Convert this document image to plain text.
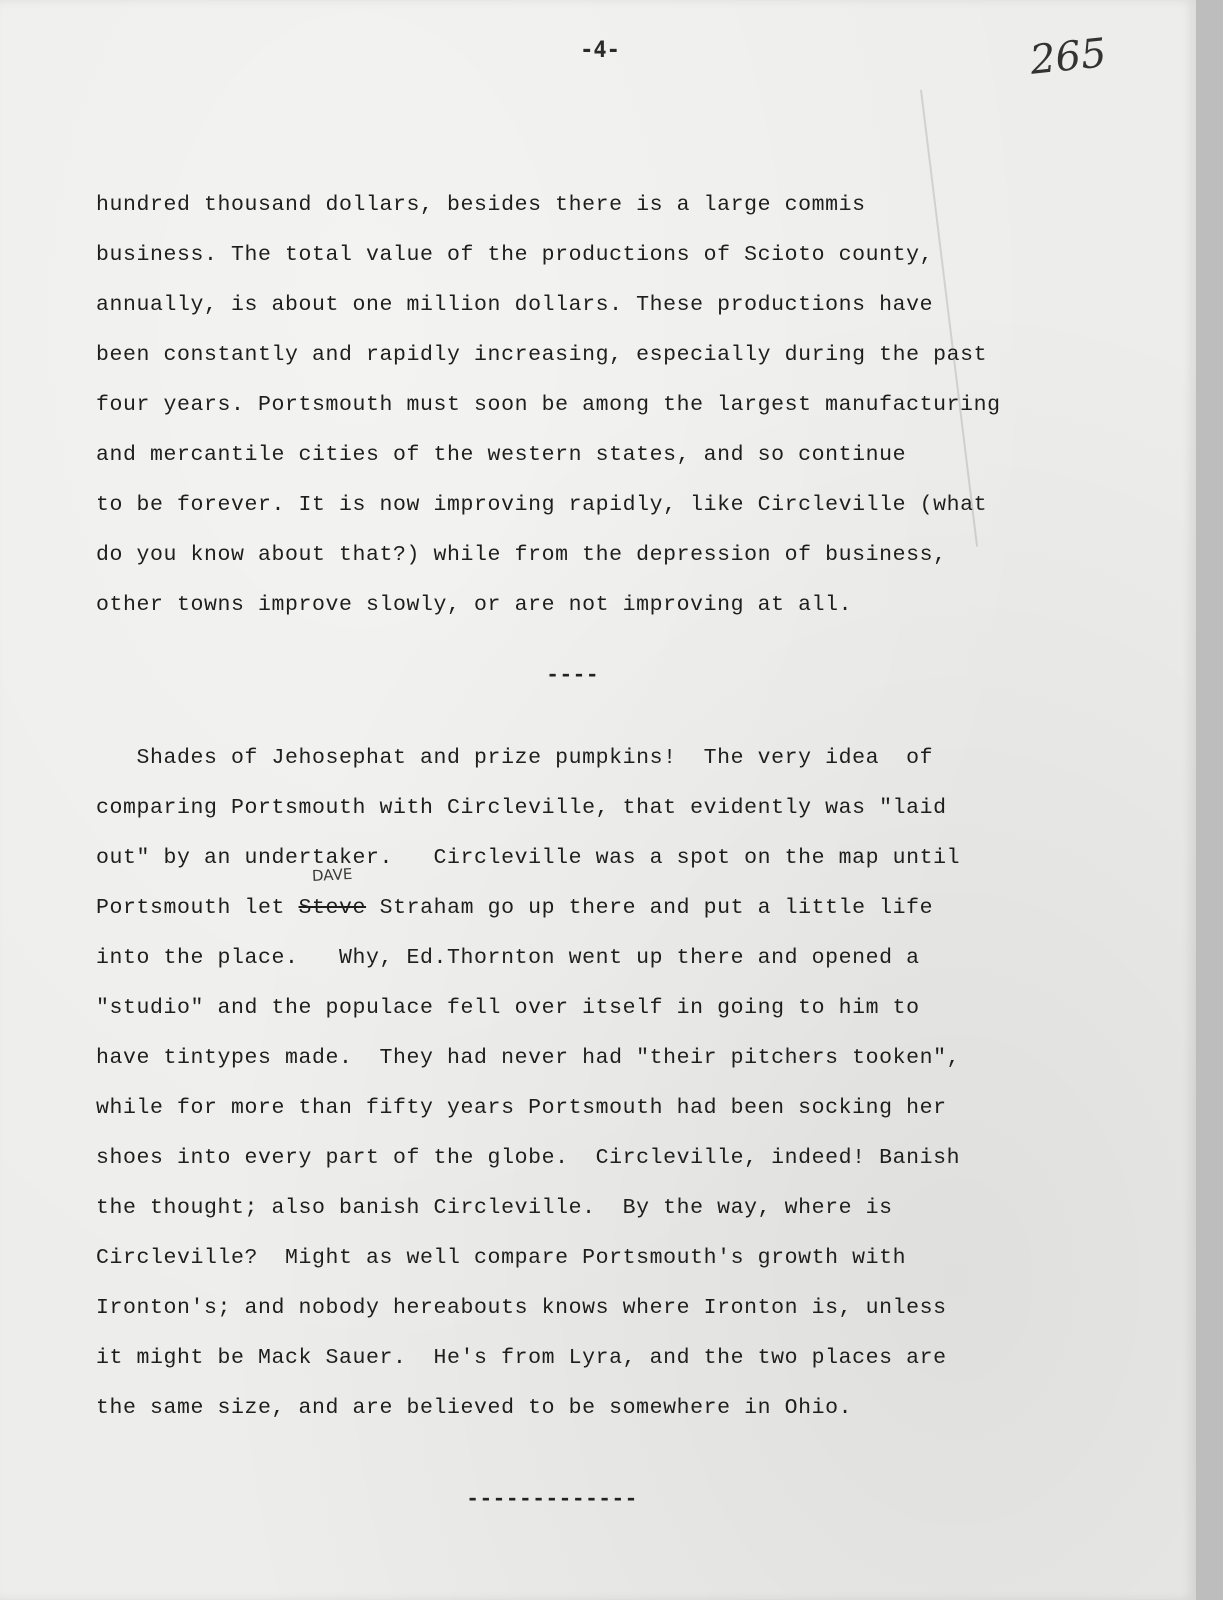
-4-	265
hundred thousand dollars, besides there is a large commis
business. The total value of the productions of Scioto county,
annually, is about one million dollars. These productions have
been constantly and rapidly increasing, especially during the past
four years. Portsmouth must soon be among the largest manufacturing
and mercantile cities of the western states, and so continue
to be forever. It is now improving rapidly, like Circleville (what
do you know about that?) while from the depression of business,
other towns improve slowly, or are not improving at all.
----
Shades of Jehosephat and prize pumpkins!  The very idea  of
comparing Portsmouth with Circleville, that evidently was "laid
out" by an undertaker.   Circleville was a spot on the map until
Portsmouth let Steve Straham go up there and put a little life
into the place.   Why, Ed.Thornton went up there and opened a
"studio" and the populace fell over itself in going to him to
have tintypes made.  They had never had "their pitchers tooken",
while for more than fifty years Portsmouth had been socking her
shoes into every part of the globe.  Circleville, indeed! Banish
the thought; also banish Circleville.  By the way, where is
Circleville?  Might as well compare Portsmouth's growth with
Ironton's; and nobody hereabouts knows where Ironton is, unless
it might be Mack Sauer.  He's from Lyra, and the two places are
the same size, and are believed to be somewhere in Ohio.
DAVE
-------------
